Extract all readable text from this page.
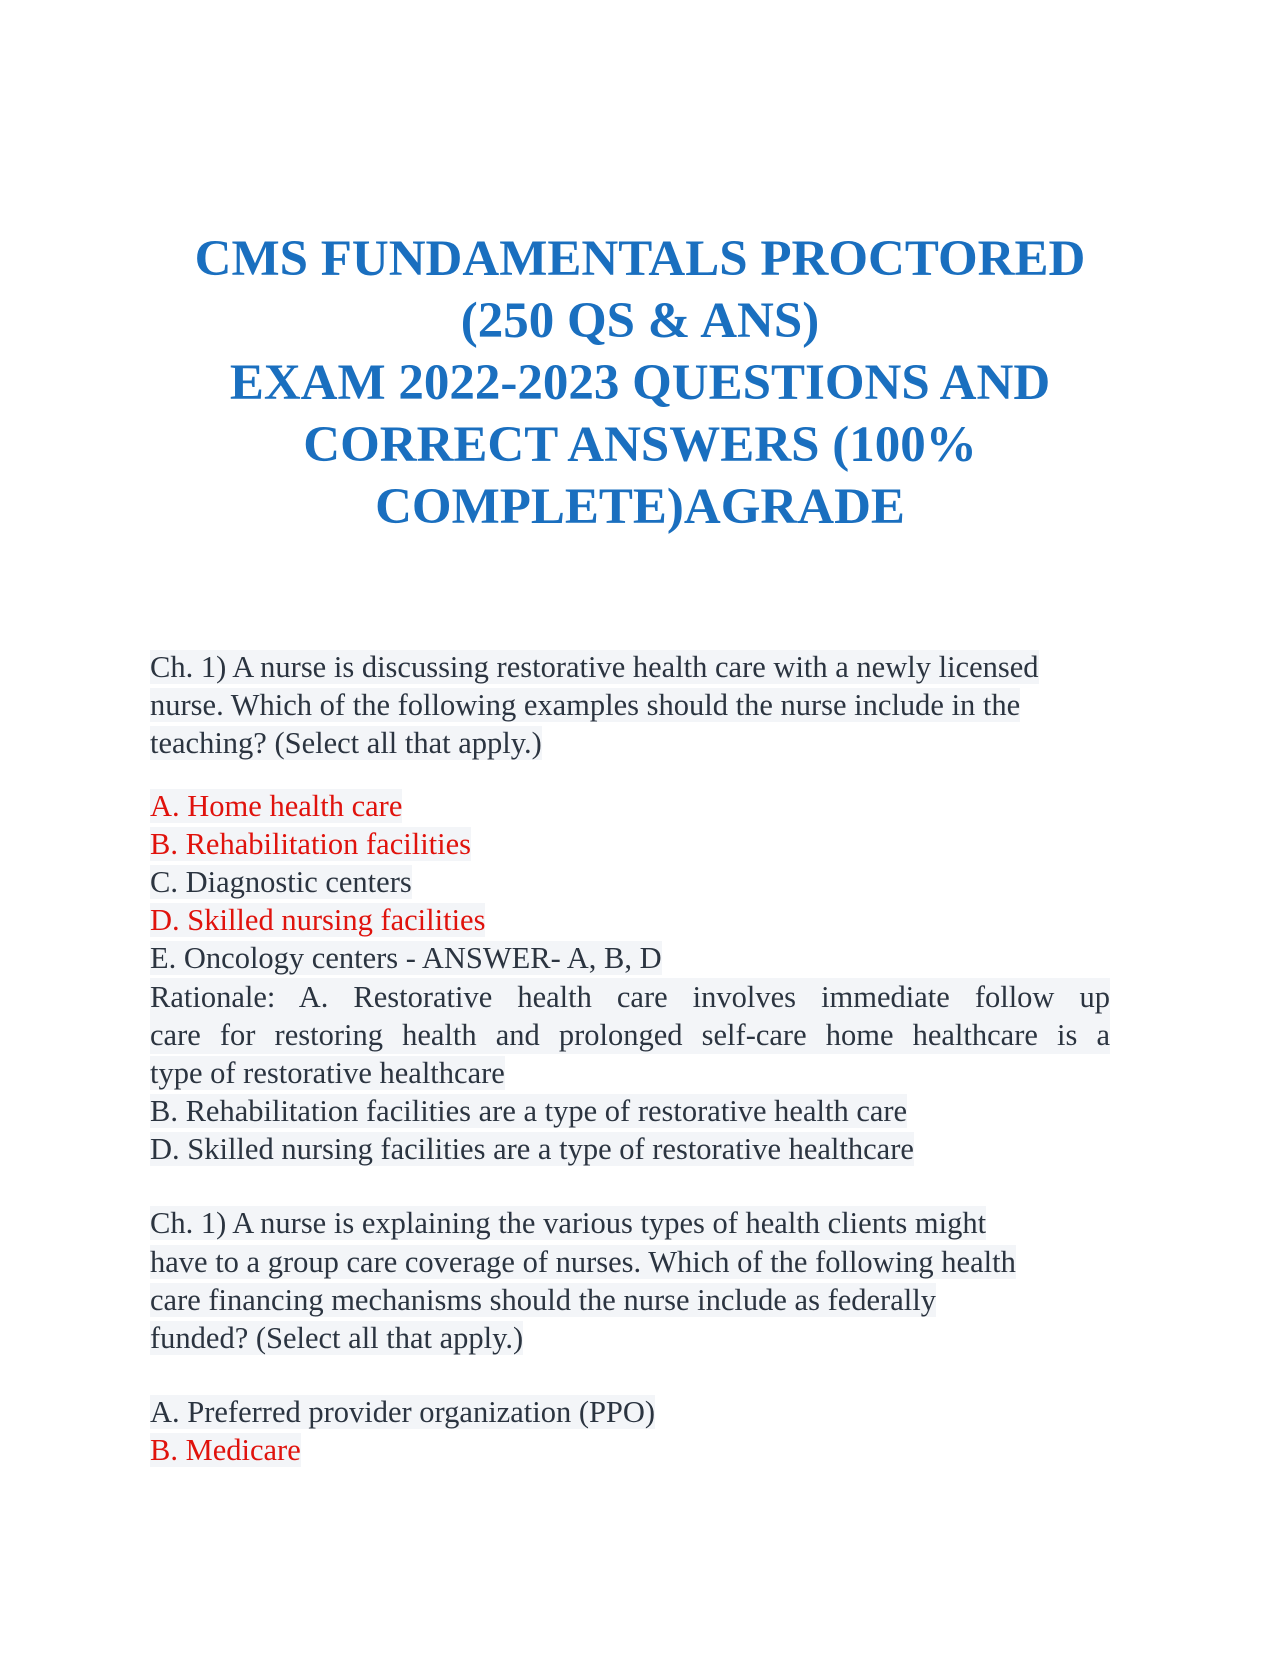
CMS FUNDAMENTALS PROCTORED
(250 QS & ANS)
EXAM 2022-2023 QUESTIONS AND
CORRECT ANSWERS (100%
COMPLETE)AGRADE
Ch. 1) A nurse is discussing restorative health care with a newly licensed
nurse. Which of the following examples should the nurse include in the
teaching? (Select all that apply.)
A. Home health care
B. Rehabilitation facilities
C. Diagnostic centers
D. Skilled nursing facilities
E. Oncology centers - ANSWER- A, B, D
Rationale: A. Restorative health care involves immediate follow up
care for restoring health and prolonged self-care home healthcare is a
type of restorative healthcare
B. Rehabilitation facilities are a type of restorative health care
D. Skilled nursing facilities are a type of restorative healthcare
Ch. 1) A nurse is explaining the various types of health clients might
have to a group care coverage of nurses. Which of the following health
care financing mechanisms should the nurse include as federally
funded? (Select all that apply.)
A. Preferred provider organization (PPO)
B. Medicare
